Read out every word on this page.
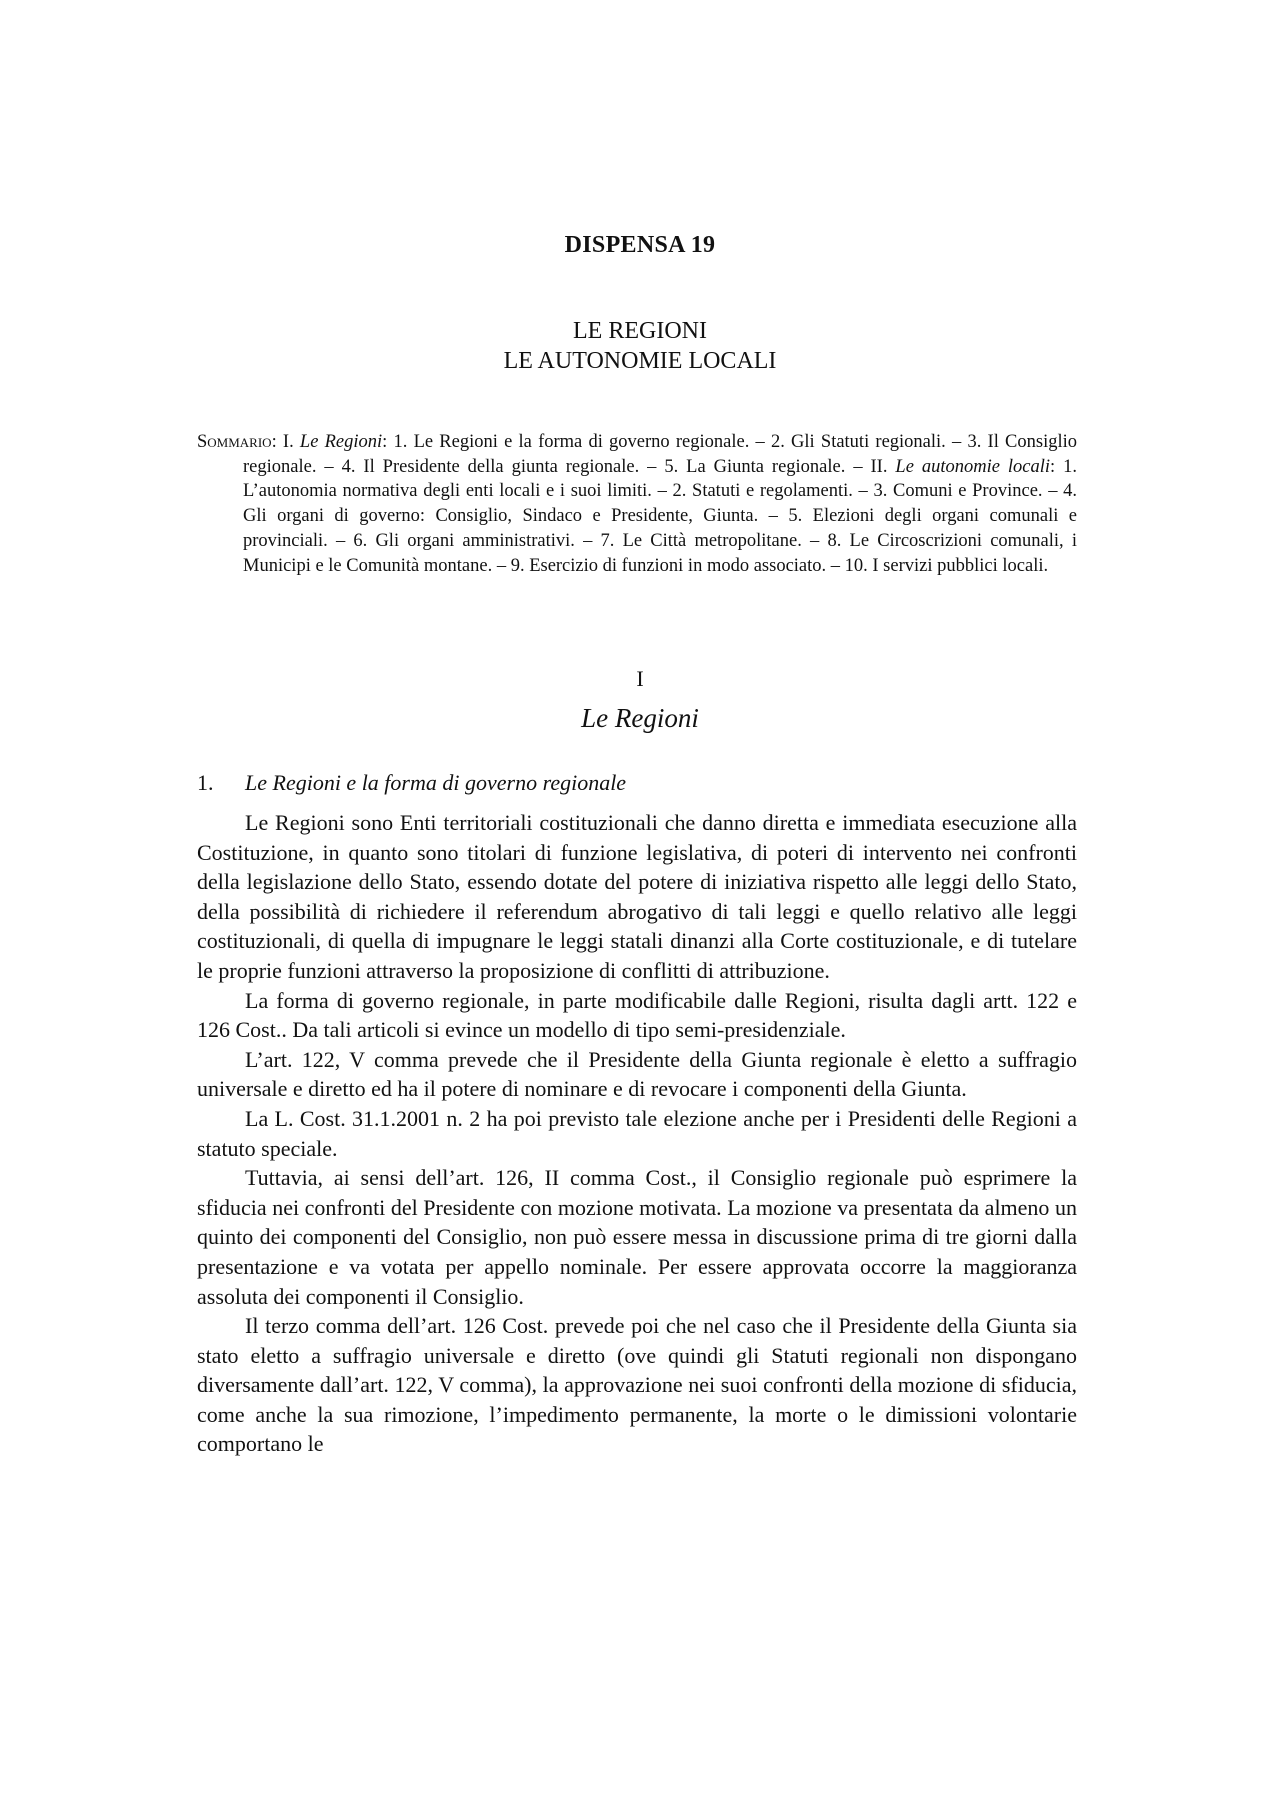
DISPENSA 19
LE REGIONI
LE AUTONOMIE LOCALI

Sommario: I. Le Regioni: 1. Le Regioni e la forma di governo regionale. – 2. Gli Statuti regionali. – 3. Il Consiglio regionale. – 4. Il Presidente della giunta regionale. – 5. La Giunta regionale. – II. Le autonomie locali: 1. L’autonomia normativa degli enti locali e i suoi limiti. – 2. Statuti e regolamenti. – 3. Comuni e Province. – 4. Gli organi di governo: Consiglio, Sindaco e Presidente, Giunta. – 5. Elezioni degli organi comunali e provinciali. – 6. Gli organi amministrativi. – 7. Le Città metropolitane. – 8. Le Circoscrizioni comunali, i Municipi e le Comunità montane. – 9. Esercizio di funzioni in modo associato. – 10. I servizi pubblici locali.

I
Le Regioni
1. Le Regioni e la forma di governo regionale

Le Regioni sono Enti territoriali costituzionali che danno diretta e immediata esecuzione alla Costituzione, in quanto sono titolari di funzione legislativa, di poteri di intervento nei confronti della legislazione dello Stato, essendo dotate del potere di iniziativa rispetto alle leggi dello Stato, della possibilità di richiedere il referendum abrogativo di tali leggi e quello relativo alle leggi costituzionali, di quella di impugnare le leggi statali dinanzi alla Corte costituzionale, e di tutelare le proprie funzioni attraverso la proposizione di conflitti di attribuzione.

La forma di governo regionale, in parte modificabile dalle Regioni, risulta dagli artt. 122 e 126 Cost.. Da tali articoli si evince un modello di tipo semi-presidenziale.

L’art. 122, V comma prevede che il Presidente della Giunta regionale è eletto a suffragio universale e diretto ed ha il potere di nominare e di revocare i componenti della Giunta.

La L. Cost. 31.1.2001 n. 2 ha poi previsto tale elezione anche per i Presidenti delle Regioni a statuto speciale.

Tuttavia, ai sensi dell’art. 126, II comma Cost., il Consiglio regionale può esprimere la sfiducia nei confronti del Presidente con mozione motivata. La mozione va presentata da almeno un quinto dei componenti del Consiglio, non può essere messa in discussione prima di tre giorni dalla presentazione e va votata per appello nominale. Per essere approvata occorre la maggioranza assoluta dei componenti il Consiglio.

Il terzo comma dell’art. 126 Cost. prevede poi che nel caso che il Presidente della Giunta sia stato eletto a suffragio universale e diretto (ove quindi gli Statuti regionali non dispongano diversamente dall’art. 122, V comma), la approvazione nei suoi confronti della mozione di sfiducia, come anche la sua rimozione, l’impedimento permanente, la morte o le dimissioni volontarie comportano le
